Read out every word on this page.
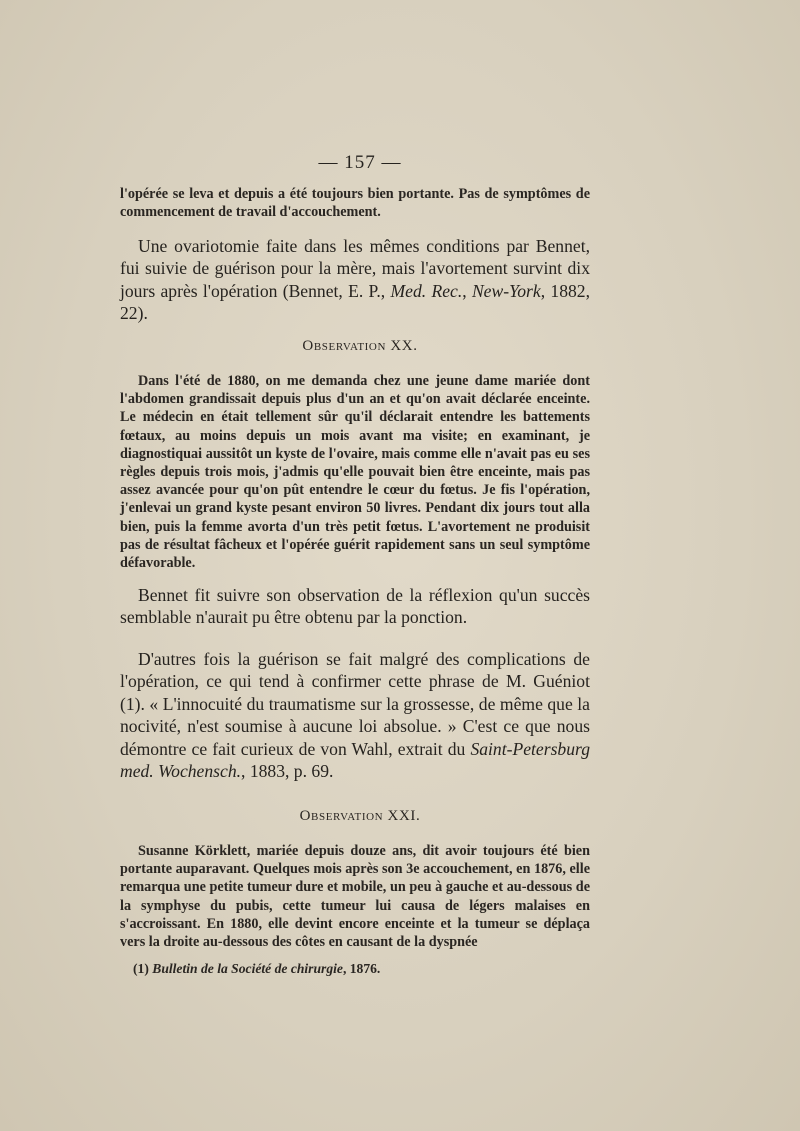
— 157 —
l'opérée se leva et depuis a été toujours bien portante. Pas de symptômes de commencement de travail d'accouchement.
Une ovariotomie faite dans les mêmes conditions par Bennet, fui suivie de guérison pour la mère, mais l'avortement survint dix jours après l'opération (Bennet, E. P., Med. Rec., New-York, 1882, 22).
Observation XX.
Dans l'été de 1880, on me demanda chez une jeune dame mariée dont l'abdomen grandissait depuis plus d'un an et qu'on avait déclarée enceinte. Le médecin en était tellement sûr qu'il déclarait entendre les battements fœtaux, au moins depuis un mois avant ma visite; en examinant, je diagnostiquai aussitôt un kyste de l'ovaire, mais comme elle n'avait pas eu ses règles depuis trois mois, j'admis qu'elle pouvait bien être enceinte, mais pas assez avancée pour qu'on pût entendre le cœur du fœtus. Je fis l'opération, j'enlevai un grand kyste pesant environ 50 livres. Pendant dix jours tout alla bien, puis la femme avorta d'un très petit fœtus. L'avortement ne produisit pas de résultat fâcheux et l'opérée guérit rapidement sans un seul symptôme défavorable.
Bennet fit suivre son observation de la réflexion qu'un succès semblable n'aurait pu être obtenu par la ponction.
D'autres fois la guérison se fait malgré des complications de l'opération, ce qui tend à confirmer cette phrase de M. Guéniot (1). « L'innocuité du traumatisme sur la grossesse, de même que la nocivité, n'est soumise à aucune loi absolue. » C'est ce que nous démontre ce fait curieux de von Wahl, extrait du Saint-Petersburg med. Wochensch., 1883, p. 69.
Observation XXI.
Susanne Körklett, mariée depuis douze ans, dit avoir toujours été bien portante auparavant. Quelques mois après son 3e accouchement, en 1876, elle remarqua une petite tumeur dure et mobile, un peu à gauche et au-dessous de la symphyse du pubis, cette tumeur lui causa de légers malaises en s'accroissant. En 1880, elle devint encore enceinte et la tumeur se déplaça vers la droite au-dessous des côtes en causant de la dyspnée
(1) Bulletin de la Société de chirurgie, 1876.
